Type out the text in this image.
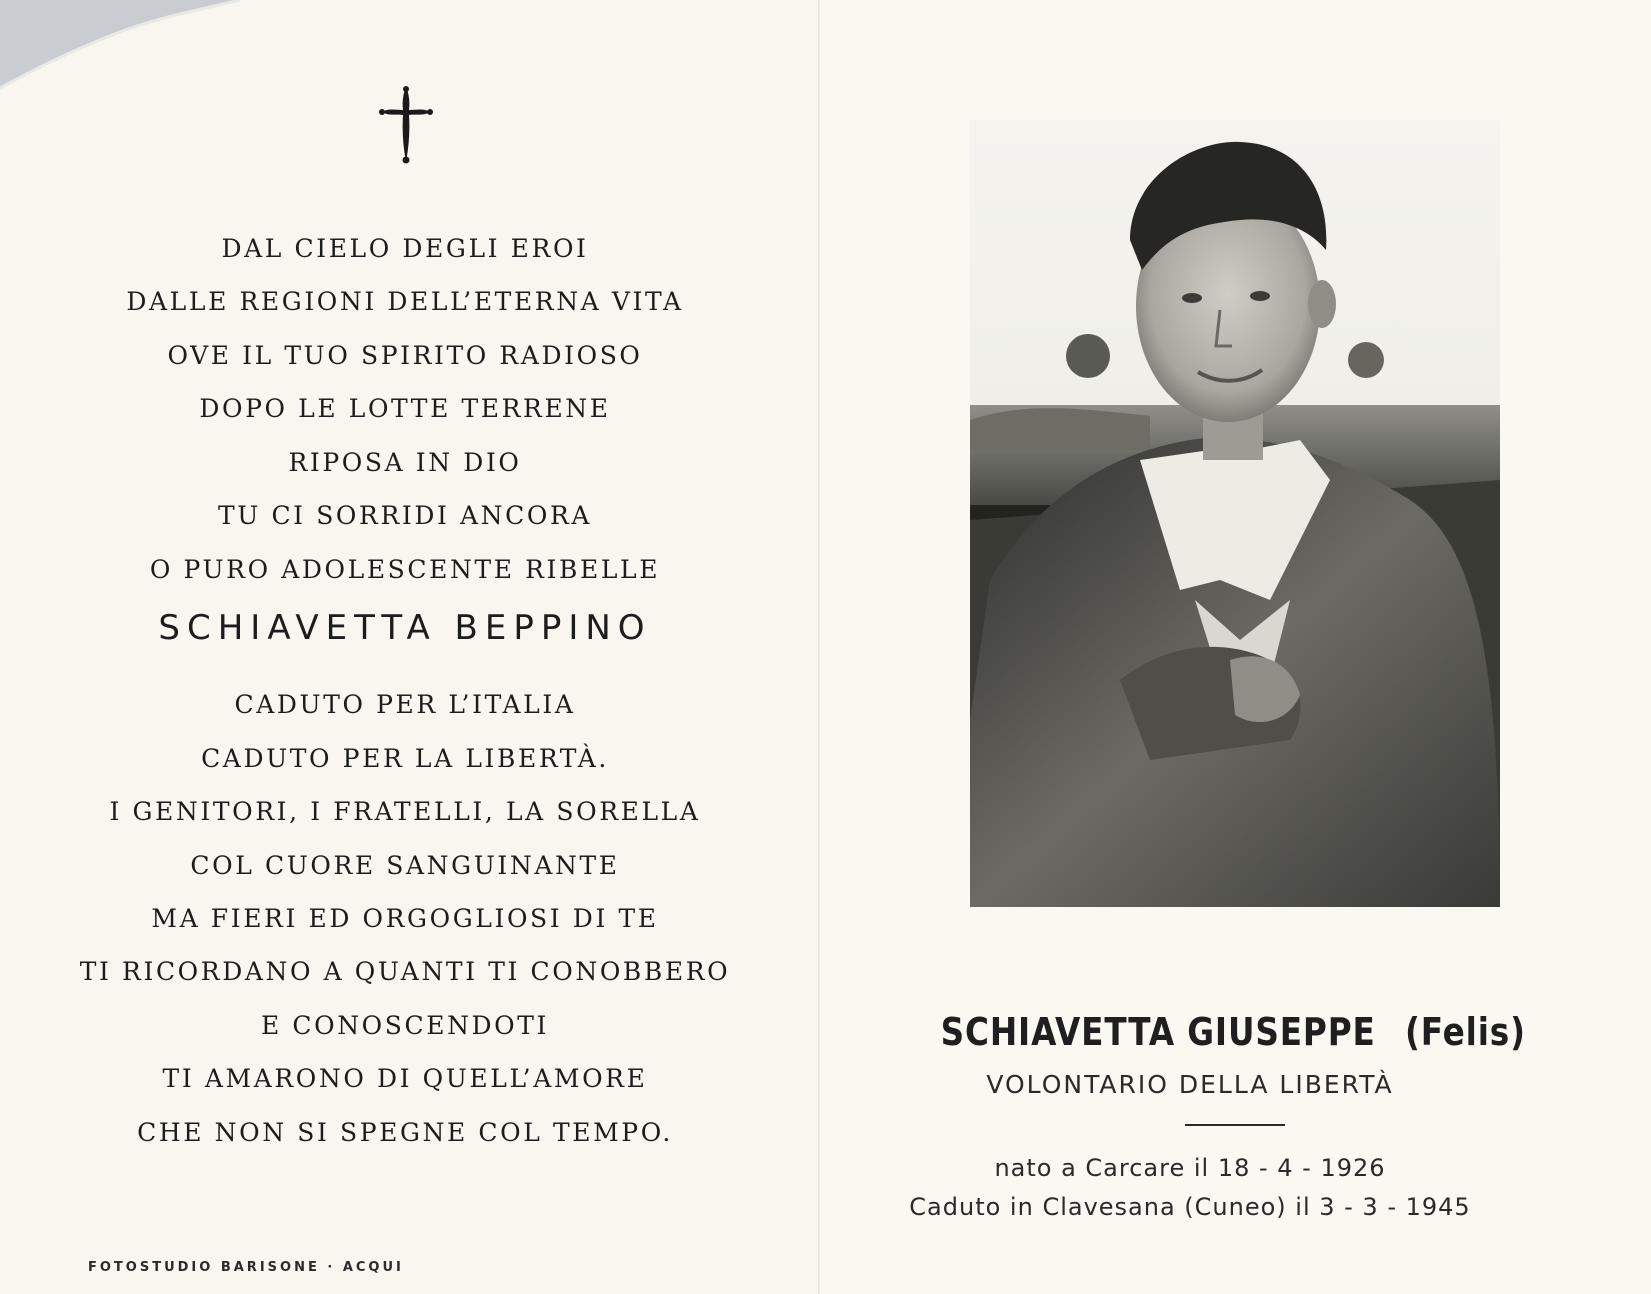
DAL CIELO DEGLI EROI
DALLE REGIONI DELL’ETERNA VITA
OVE IL TUO SPIRITO RADIOSO
DOPO LE LOTTE TERRENE
RIPOSA IN DIO
TU CI SORRIDI ANCORA
O PURO ADOLESCENTE RIBELLE
SCHIAVETTA BEPPINO
CADUTO PER L’ITALIA
CADUTO PER LA LIBERTÀ.
I GENITORI, I FRATELLI, LA SORELLA
COL CUORE SANGUINANTE
MA FIERI ED ORGOGLIOSI DI TE
TI RICORDANO A QUANTI TI CONOBBERO
E CONOSCENDOTI
TI AMARONO DI QUELL’AMORE
CHE NON SI SPEGNE COL TEMPO.
FOTOSTUDIO BARISONE · ACQUI
SCHIAVETTA GIUSEPPE (Felis)
VOLONTARIO DELLA LIBERTÀ
nato a Carcare il 18 - 4 - 1926
Caduto in Clavesana (Cuneo) il 3 - 3 - 1945
